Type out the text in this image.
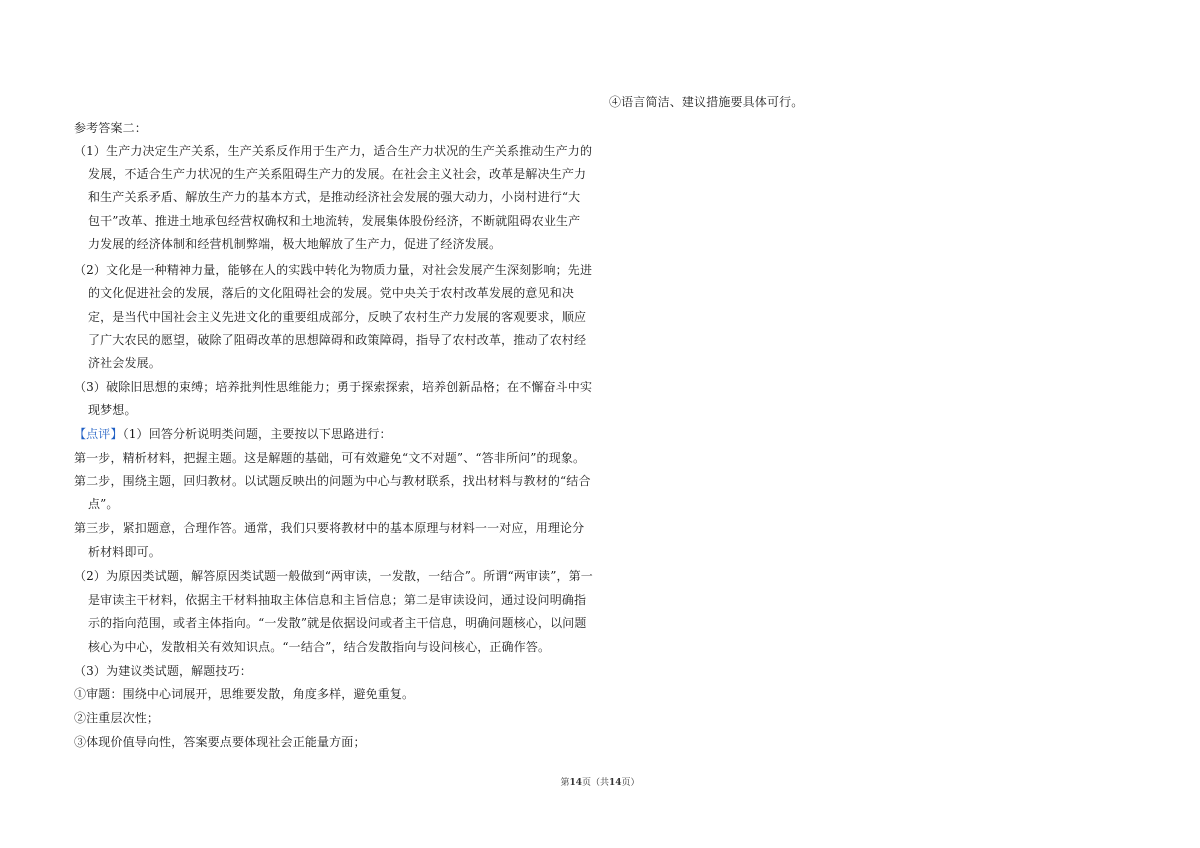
④语言简洁、建议措施要具体可行。
参考答案二：
（1）生产力决定生产关系，生产关系反作用于生产力，适合生产力状况的生产关系推动生产力的
发展，不适合生产力状况的生产关系阻碍生产力的发展。在社会主义社会，改革是解决生产力
和生产关系矛盾、解放生产力的基本方式，是推动经济社会发展的强大动力，小岗村进行“大
包干”改革、推进土地承包经营权确权和土地流转，发展集体股份经济，不断就阻碍农业生产
力发展的经济体制和经营机制弊端，极大地解放了生产力，促进了经济发展。
（2）文化是一种精神力量，能够在人的实践中转化为物质力量，对社会发展产生深刻影响；先进
的文化促进社会的发展，落后的文化阻碍社会的发展。党中央关于农村改革发展的意见和决
定，是当代中国社会主义先进文化的重要组成部分，反映了农村生产力发展的客观要求，顺应
了广大农民的愿望，破除了阻碍改革的思想障碍和政策障碍，指导了农村改革，推动了农村经
济社会发展。
（3）破除旧思想的束缚；培养批判性思维能力；勇于探索探索，培养创新品格；在不懈奋斗中实
现梦想。
【点评】（1）回答分析说明类问题，主要按以下思路进行：
第一步，精析材料，把握主题。这是解题的基础，可有效避免“文不对题”、“答非所问”的现象。
第二步，围绕主题，回归教材。以试题反映出的问题为中心与教材联系，找出材料与教材的“结合
点”。
第三步，紧扣题意，合理作答。通常，我们只要将教材中的基本原理与材料一一对应，用理论分
析材料即可。
（2）为原因类试题，解答原因类试题一般做到“两审读，一发散，一结合”。所谓“两审读”，第一
是审读主干材料，依据主干材料抽取主体信息和主旨信息；第二是审读设问，通过设问明确指
示的指向范围，或者主体指向。“一发散”就是依据设问或者主干信息，明确问题核心，以问题
核心为中心，发散相关有效知识点。“一结合”，结合发散指向与设问核心，正确作答。
（3）为建议类试题，解题技巧：
①审题：围绕中心词展开，思维要发散，角度多样，避免重复。
②注重层次性；
③体现价值导向性，答案要点要体现社会正能量方面；
第14页（共14页）
